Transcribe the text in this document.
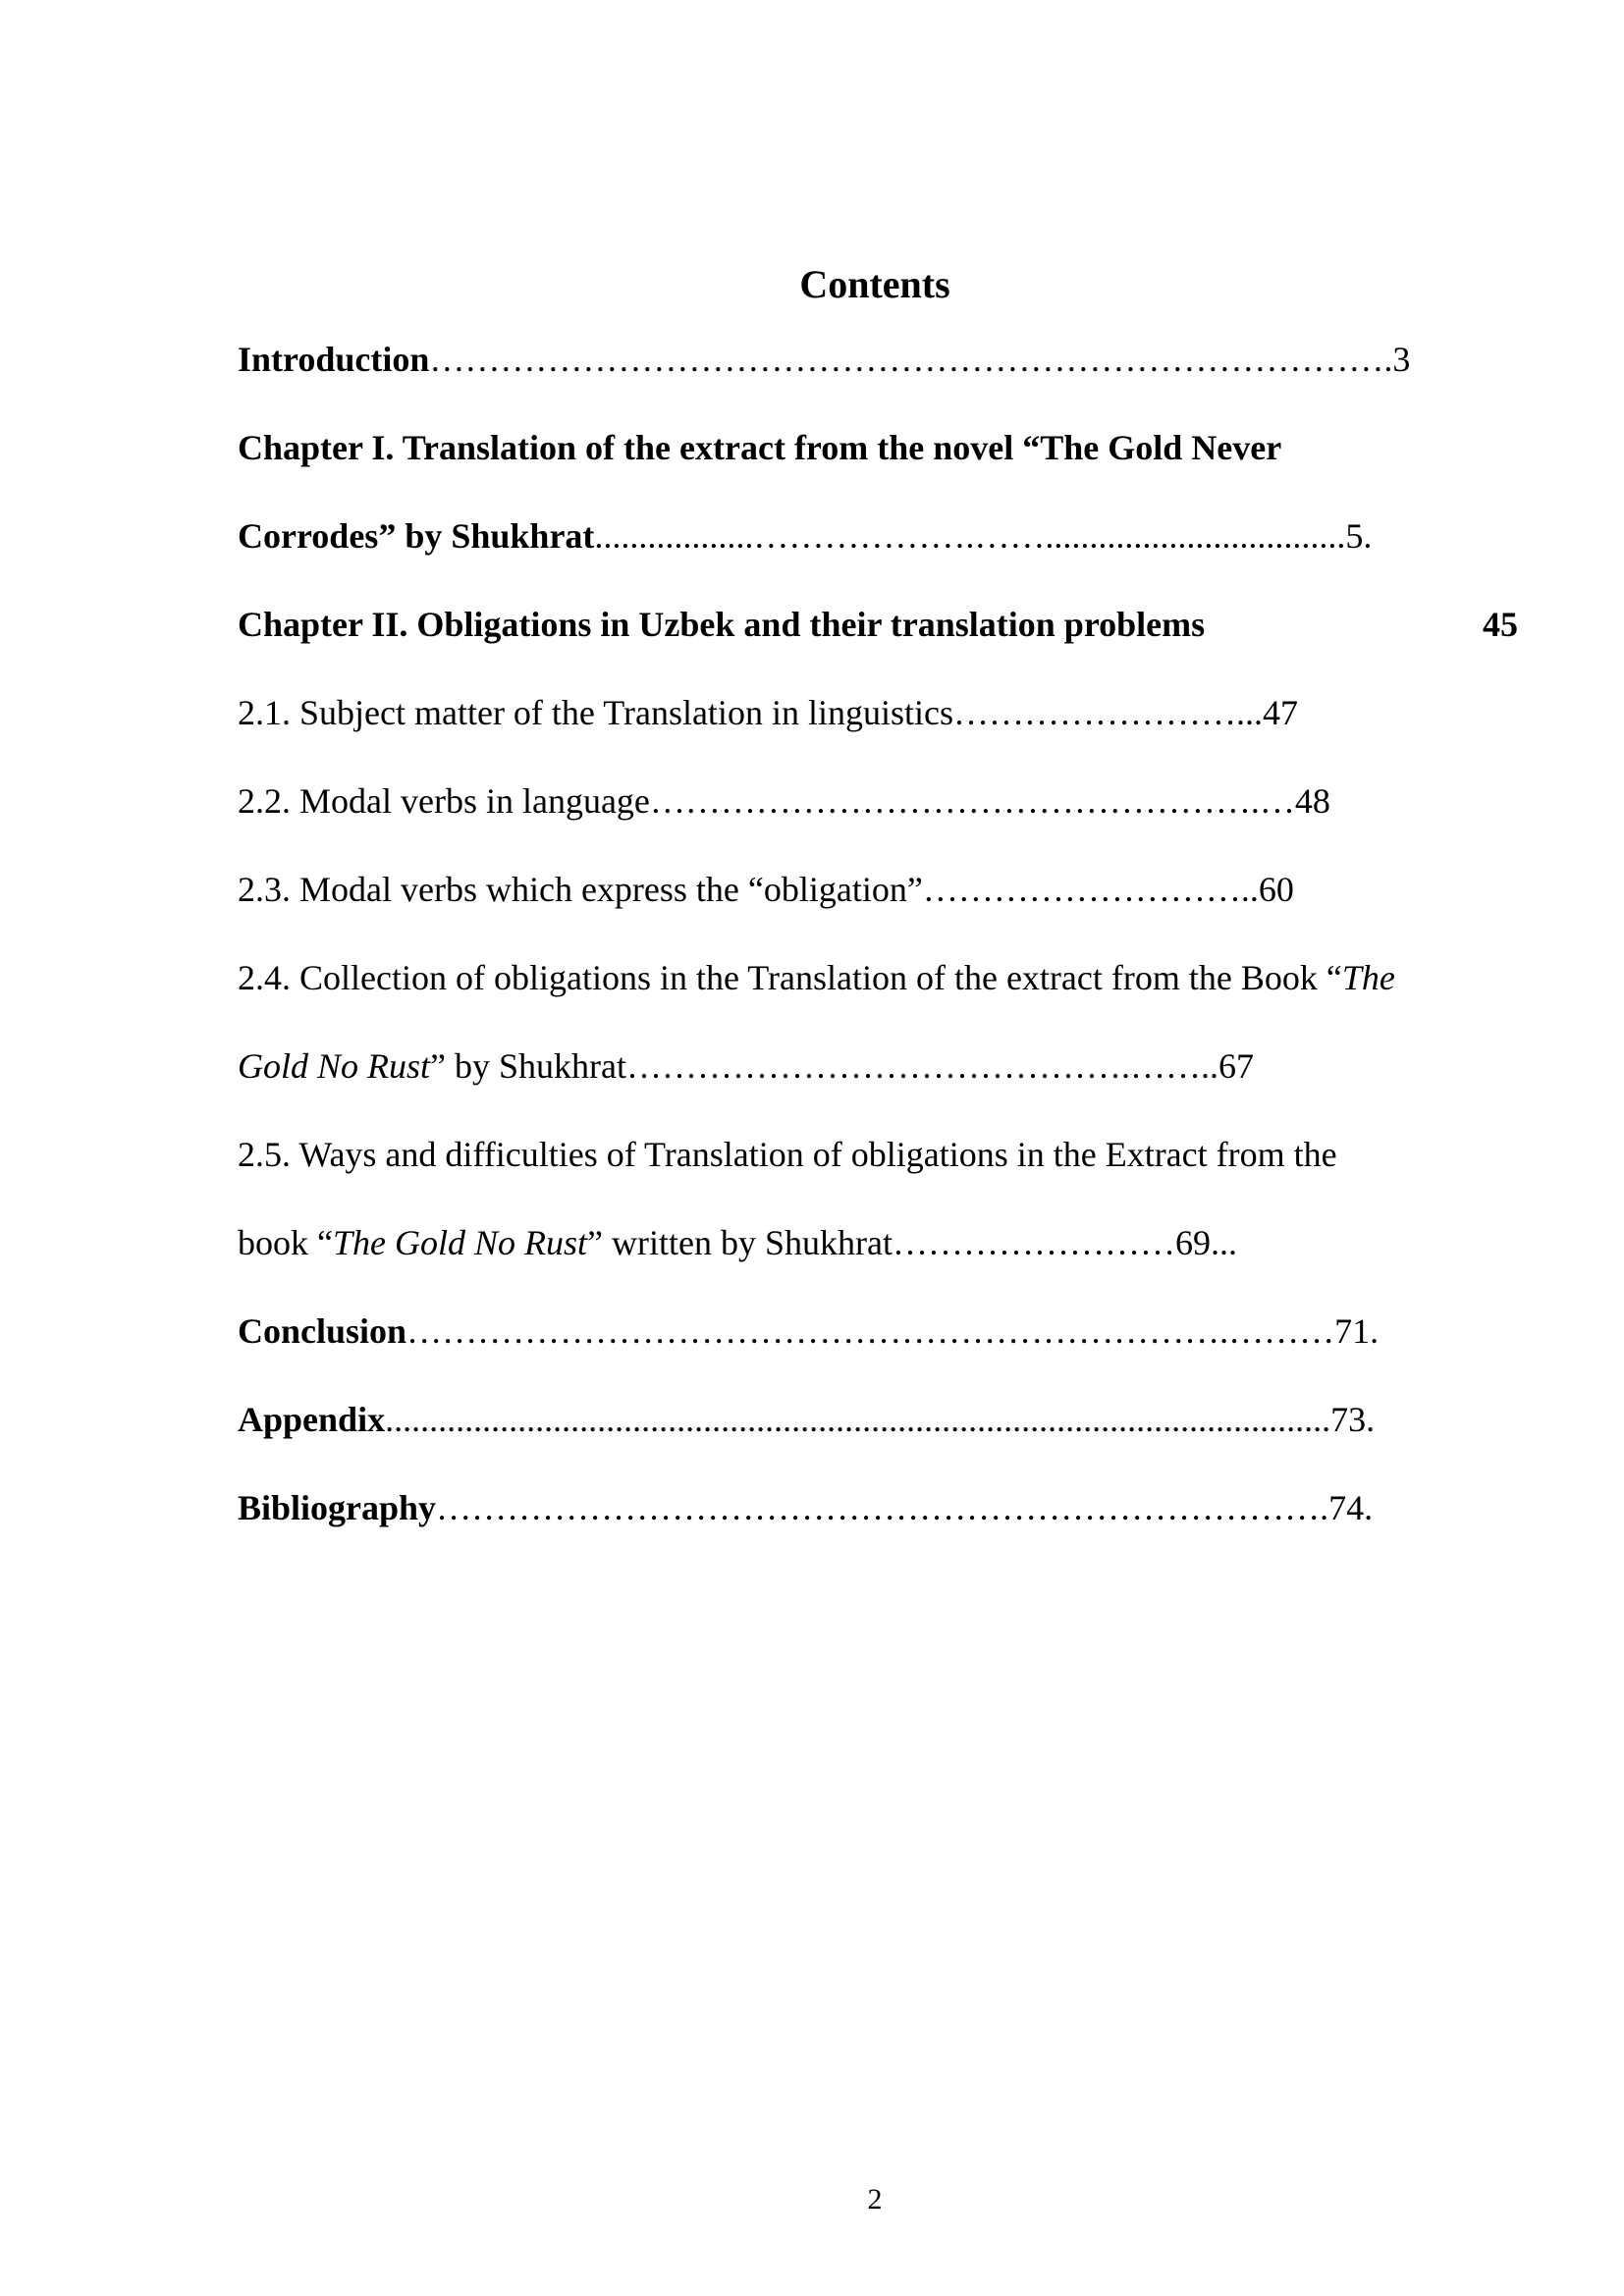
Contents
Introduction……………………………………………………………………….3
Chapter I. Translation of the extract from the novel “The Gold Never
Corrodes” by Shukhrat..................……………….……..................................5.
Chapter II. Obligations in Uzbek and their translation problems	45
2.1. Subject matter of the Translation in linguistics……………………...47
2.2. Modal verbs in language…………………………………………….…48
2.3. Modal verbs which express the “obligation”………………………..60
2.4. Collection of obligations in the Translation of the extract from the Book “The
Gold No Rust” by Shukhrat…………………………………….……..67
2.5. Ways and difficulties of Translation of obligations in the Extract from the
book “The Gold No Rust” written by Shukhrat……………………69...
Conclusion…………………………………………………………….………71.
Appendix...........................................................................................................73.
Bibliography………………………………………………………………….74.
2
